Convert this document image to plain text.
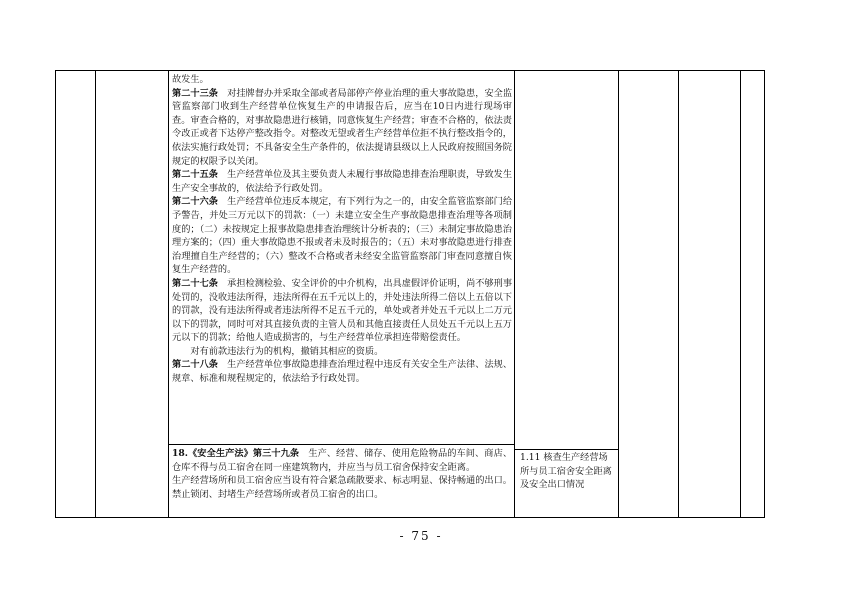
故发生。

第二十三条　对挂牌督办并采取全部或者局部停产停业治理的重大事故隐患，安全监管监察部门收到生产经营单位恢复生产的申请报告后，应当在10日内进行现场审查。审查合格的，对事故隐患进行核销，同意恢复生产经营；审查不合格的，依法责令改正或者下达停产整改指令。对整改无望或者生产经营单位拒不执行整改指令的，依法实施行政处罚；不具备安全生产条件的，依法提请县级以上人民政府按照国务院规定的权限予以关闭。

第二十五条　生产经营单位及其主要负责人未履行事故隐患排查治理职责，导致发生生产安全事故的，依法给予行政处罚。

第二十六条　生产经营单位违反本规定，有下列行为之一的，由安全监管监察部门给予警告，并处三万元以下的罚款：（一）未建立安全生产事故隐患排查治理等各项制度的；（二）未按规定上报事故隐患排查治理统计分析表的；（三）未制定事故隐患治理方案的；（四）重大事故隐患不报或者未及时报告的；（五）未对事故隐患进行排查治理擅自生产经营的；（六）整改不合格或者未经安全监管监察部门审查同意擅自恢复生产经营的。

第二十七条　承担检测检验、安全评价的中介机构，出具虚假评价证明，尚不够刑事处罚的，没收违法所得，违法所得在五千元以上的，并处违法所得二倍以上五倍以下的罚款，没有违法所得或者违法所得不足五千元的，单处或者并处五千元以上二万元以下的罚款，同时可对其直接负责的主管人员和其他直接责任人员处五千元以上五万元以下的罚款；给他人造成损害的，与生产经营单位承担连带赔偿责任。

　　对有前款违法行为的机构，撤销其相应的资质。

第二十八条　生产经营单位事故隐患排查治理过程中违反有关安全生产法律、法规、规章、标准和规程规定的，依法给予行政处罚。

18.《安全生产法》第三十九条　生产、经营、储存、使用危险物品的车间、商店、仓库不得与员工宿舍在同一座建筑物内，并应当与员工宿舍保持安全距离。

生产经营场所和员工宿舍应当设有符合紧急疏散要求、标志明显、保持畅通的出口。禁止锁闭、封堵生产经营场所或者员工宿舍的出口。

1.11 核查生产经营场所与员工宿舍安全距离及安全出口情况
- 75 -
